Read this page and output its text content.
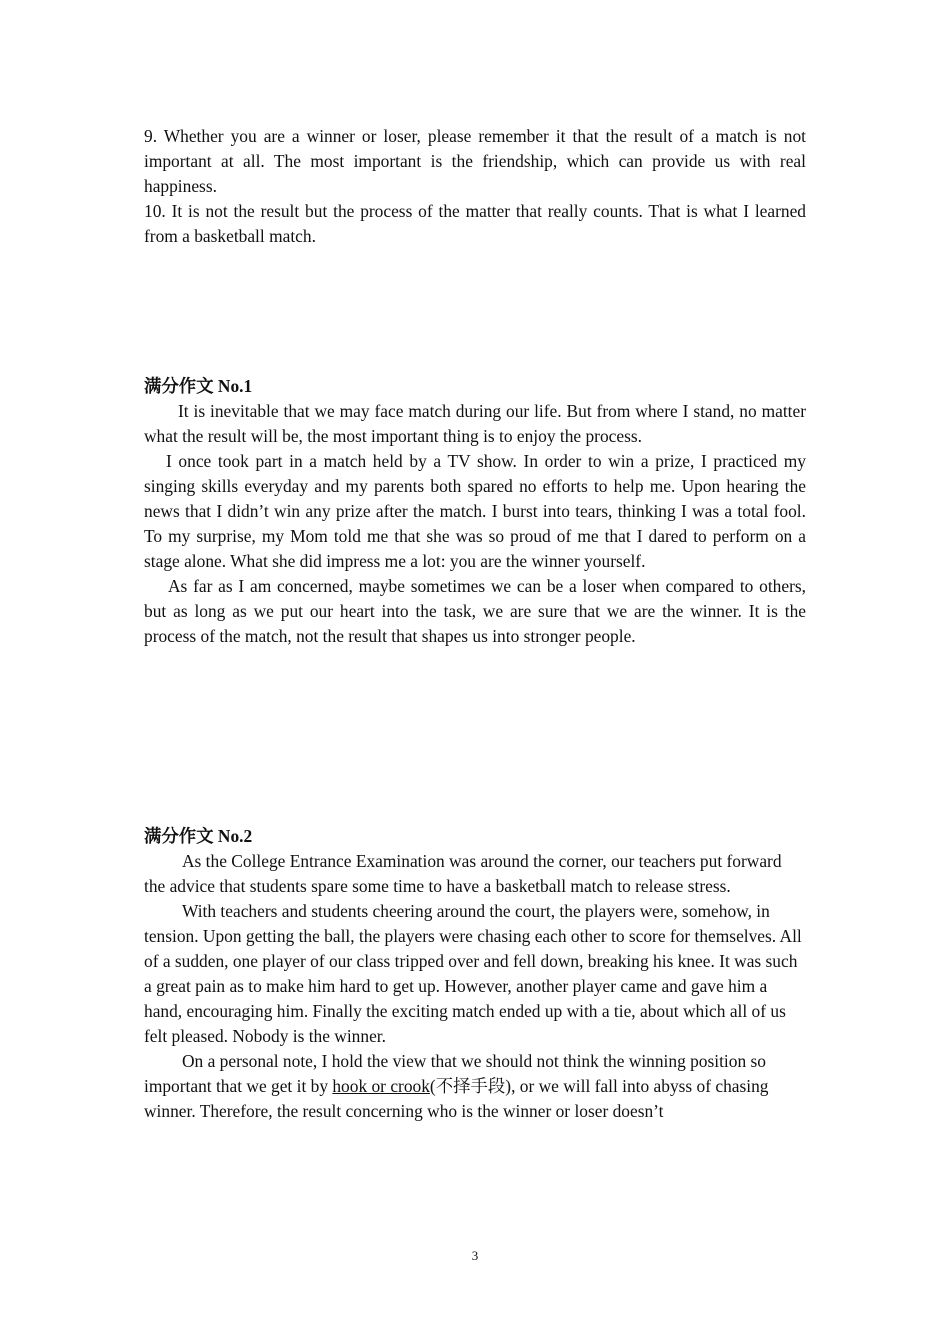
9. Whether you are a winner or loser, please remember it that the result of a match is not important at all. The most important is the friendship, which can provide us with real happiness.

10. It is not the result but the process of the matter that really counts. That is what I learned from a basketball match.

满分作文 No.1

It is inevitable that we may face match during our life. But from where I stand, no matter what the result will be, the most important thing is to enjoy the process.

I once took part in a match held by a TV show. In order to win a prize, I practiced my singing skills everyday and my parents both spared no efforts to help me. Upon hearing the news that I didn’t win any prize after the match. I burst into tears, thinking I was a total fool. To my surprise, my Mom told me that she was so proud of me that I dared to perform on a stage alone. What she did impress me a lot: you are the winner yourself.

As far as I am concerned, maybe sometimes we can be a loser when compared to others, but as long as we put our heart into the task, we are sure that we are the winner. It is the process of the match, not the result that shapes us into stronger people.

满分作文 No.2

As the College Entrance Examination was around the corner, our teachers put forward the advice that students spare some time to have a basketball match to release stress.

With teachers and students cheering around the court, the players were, somehow, in tension. Upon getting the ball, the players were chasing each other to score for themselves. All of a sudden, one player of our class tripped over and fell down, breaking his knee. It was such a great pain as to make him hard to get up. However, another player came and gave him a hand, encouraging him. Finally the exciting match ended up with a tie, about which all of us felt pleased. Nobody is the winner.

On a personal note, I hold the view that we should not think the winning position so important that we get it by hook or crook(不择手段), or we will fall into abyss of chasing winner. Therefore, the result concerning who is the winner or loser doesn’t

3
